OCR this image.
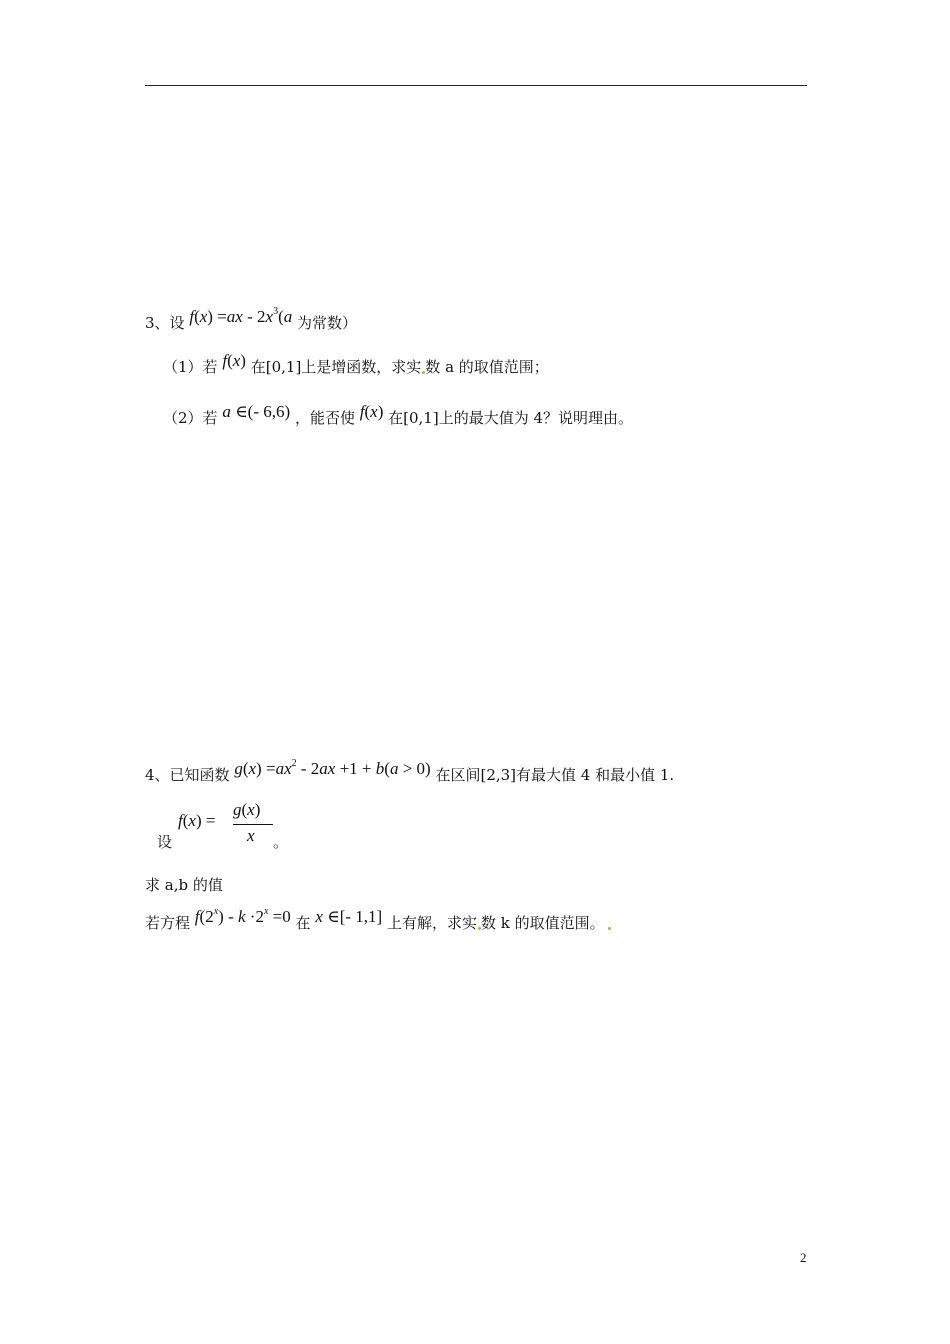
3、设 $f(x) =ax - 2x^3(a$ 为常数）
（1）若 f(x) 在[0,1]上是增函数，求实 数 a 的取值范围；
（2）若 a ∈(- 6,6) ，能否使 f(x) 在[0,1]上的最大值为 4？说明理由。
4、已知函数 $g(x) =ax^2 - 2ax +1 + b(a > 0)$ 在区间[2,3]有最大值 4 和最小值 1.
设
f(x) =
g(x)
x 。
求 a,b 的值
若方程 $f(2^x) - k \cdot 2^x =0$ 在 x ∈[- 1,1] 上有解，求实 数 k 的取值范围。
2
